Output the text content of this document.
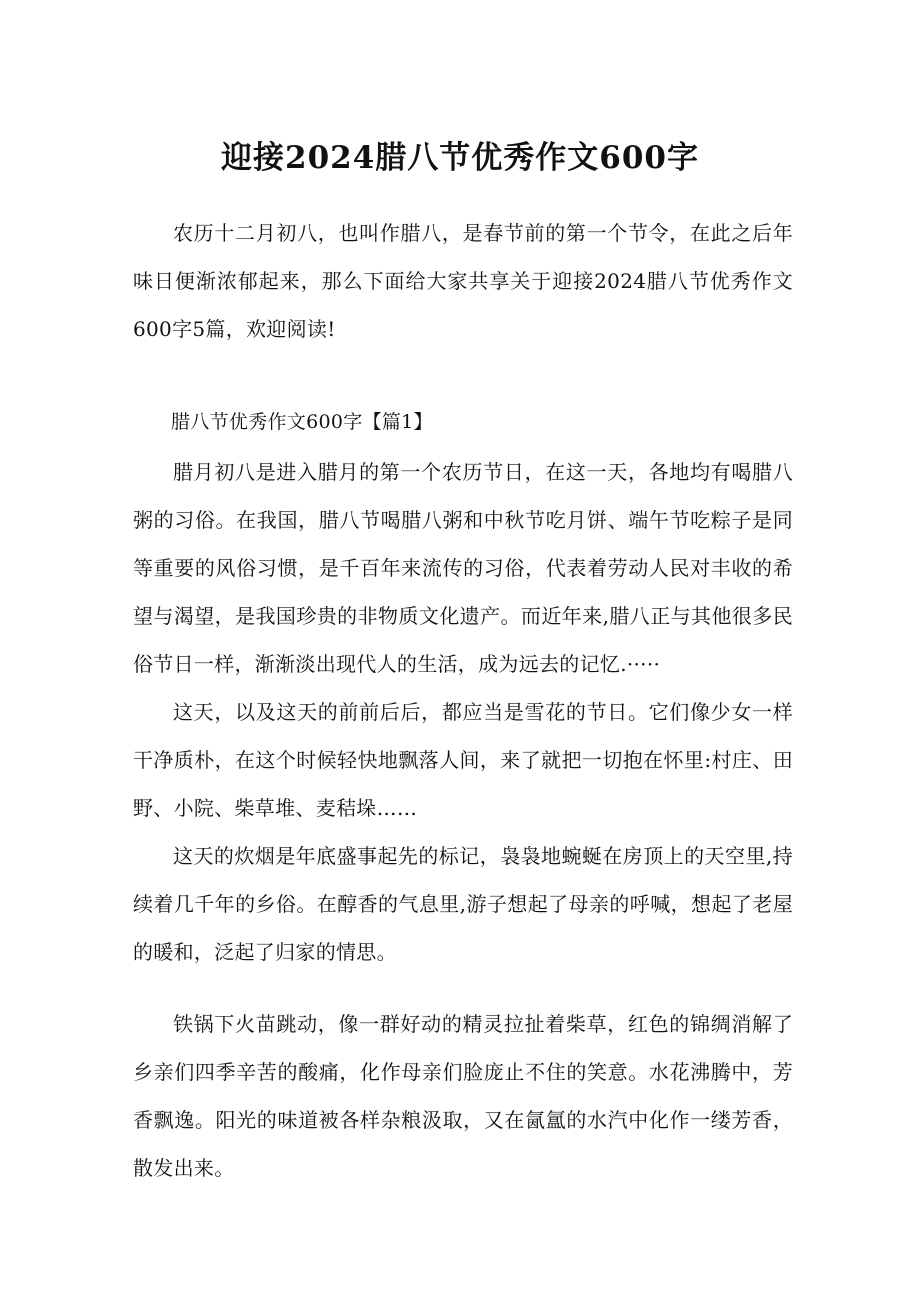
迎接2024腊八节优秀作文600字

农历十二月初八，也叫作腊八，是春节前的第一个节令，在此之后年味日便渐浓郁起来，那么下面给大家共享关于迎接2024腊八节优秀作文600字5篇，欢迎阅读!

腊八节优秀作文600字【篇1】

腊月初八是进入腊月的第一个农历节日，在这一天，各地均有喝腊八粥的习俗。在我国，腊八节喝腊八粥和中秋节吃月饼、端午节吃粽子是同等重要的风俗习惯，是千百年来流传的习俗，代表着劳动人民对丰收的希望与渴望，是我国珍贵的非物质文化遗产。而近年来,腊八正与其他很多民俗节日一样，渐渐淡出现代人的生活，成为远去的记忆.·····

这天，以及这天的前前后后，都应当是雪花的节日。它们像少女一样干净质朴，在这个时候轻快地飘落人间，来了就把一切抱在怀里:村庄、田野、小院、柴草堆、麦秸垛……

这天的炊烟是年底盛事起先的标记，袅袅地蜿蜒在房顶上的天空里,持续着几千年的乡俗。在醇香的气息里,游子想起了母亲的呼喊，想起了老屋的暖和，泛起了归家的情思。

铁锅下火苗跳动，像一群好动的精灵拉扯着柴草，红色的锦绸消解了乡亲们四季辛苦的酸痛，化作母亲们脸庞止不住的笑意。水花沸腾中，芳香飘逸。阳光的味道被各样杂粮汲取，又在氤氲的水汽中化作一缕芳香，散发出来。
